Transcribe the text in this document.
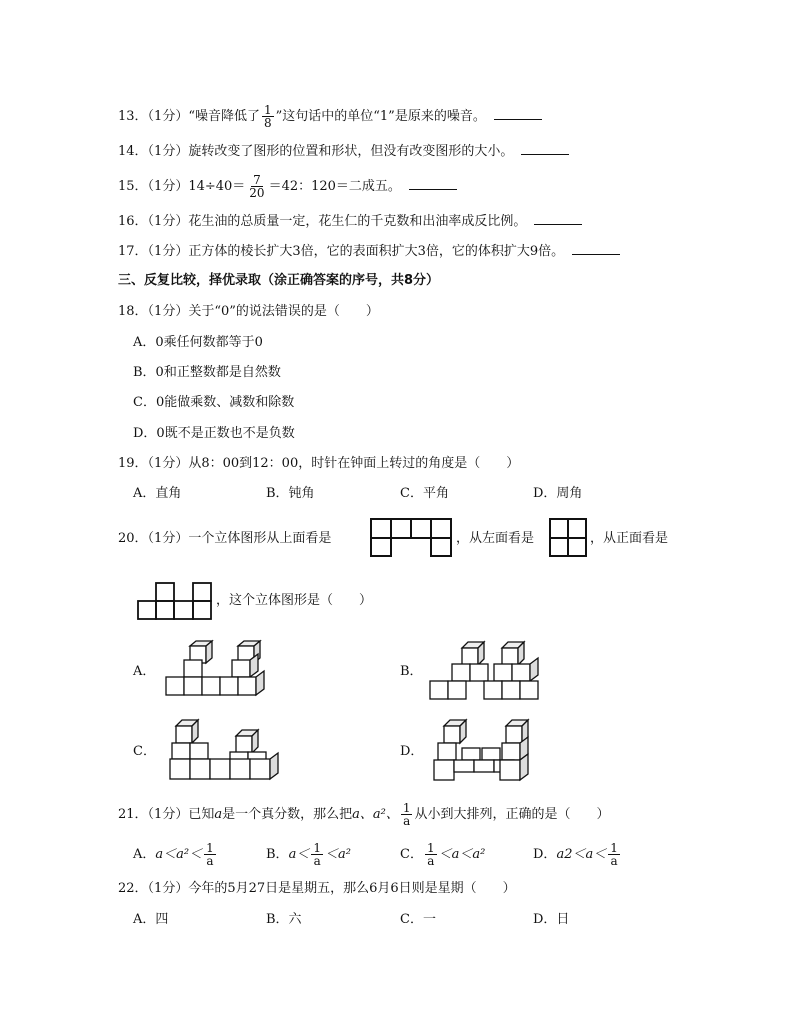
13．（1分）“噪音降低了 $\frac{1}{8}$ ”这句话中的单位“1”是原来的噪音。
14．（1分）旋转改变了图形的位置和形状，但没有改变图形的大小。
15．（1分）$14\div 40= \frac{7}{20} =42$：120＝二成五。
16．（1分）花生油的总质量一定，花生仁的千克数和出油率成反比例。
17．（1分）正方体的棱长扩大3倍，它的表面积扩大3倍，它的体积扩大9倍。
三、反复比较，择优录取（涂正确答案的序号，共8分）
18．（1分）关于“0”的说法错误的是（　　）
A．0乘任何数都等于0
B．0和正整数都是自然数
C．0能做乘数、减数和除数
D．0既不是正数也不是负数
19．（1分）从8：00到12：00，时针在钟面上转过的角度是（　　）
A．直角	B．钝角	C．平角	D．周角
20．（1分）一个立体图形从上面看是	，从左面看是	，从正面看是
，这个立体图形是（　　）
A．	B．
C．	D．
21．（1分）已知a是一个真分数，那么把a、a²、 $\frac{1}{a}$ 从小到大排列，正确的是（　　）
A．$a<a^2< \frac{1}{a}$	B．$a< \frac{1}{a} <a^2$	C． $\frac{1}{a} <a<a^2$	D．$a2<a< \frac{1}{a}$
22．（1分）今年的5月27日是星期五，那么6月6日则是星期（　　）
A．四	B．六	C．一	D．日
